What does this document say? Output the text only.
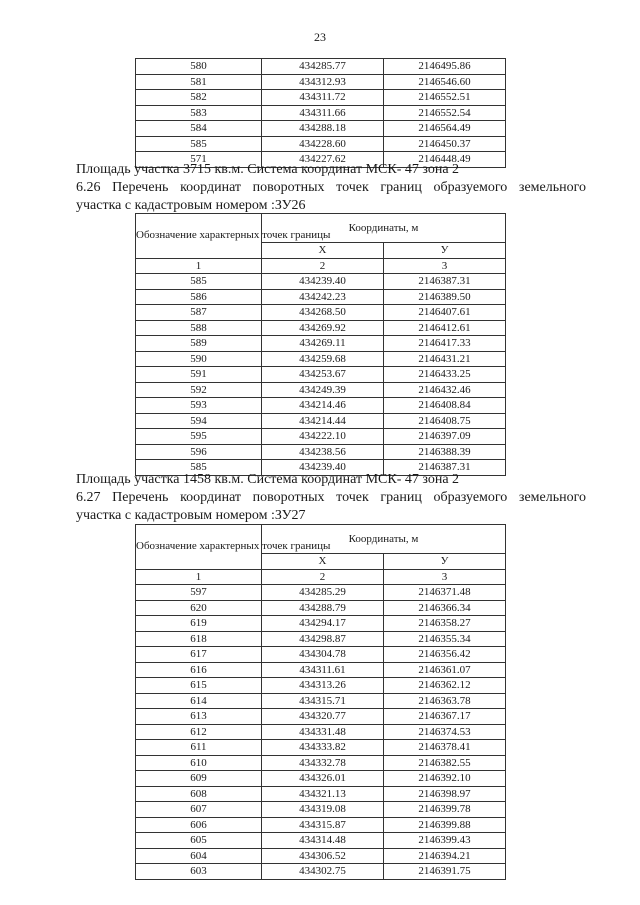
23
580	434285.77	2146495.86
581	434312.93	2146546.60
582	434311.72	2146552.51
583	434311.66	2146552.54
584	434288.18	2146564.49
585	434228.60	2146450.37
571	434227.62	2146448.49
Площадь участка 3715 кв.м. Система координат МСК- 47 зона 2
6.26 Перечень координат поворотных точек границ образуемого земельного
участка с кадастровым номером :ЗУ26
Обозначение характерных точек границы	Координаты, м	
	X	У
1	2	3
585	434239.40	2146387.31
586	434242.23	2146389.50
587	434268.50	2146407.61
588	434269.92	2146412.61
589	434269.11	2146417.33
590	434259.68	2146431.21
591	434253.67	2146433.25
592	434249.39	2146432.46
593	434214.46	2146408.84
594	434214.44	2146408.75
595	434222.10	2146397.09
596	434238.56	2146388.39
585	434239.40	2146387.31
Площадь участка 1458 кв.м. Система координат МСК- 47 зона 2
6.27 Перечень координат поворотных точек границ образуемого земельного
участка с кадастровым номером :ЗУ27
Обозначение характерных точек границы	Координаты, м	
	X	У
1	2	3
597	434285.29	2146371.48
620	434288.79	2146366.34
619	434294.17	2146358.27
618	434298.87	2146355.34
617	434304.78	2146356.42
616	434311.61	2146361.07
615	434313.26	2146362.12
614	434315.71	2146363.78
613	434320.77	2146367.17
612	434331.48	2146374.53
611	434333.82	2146378.41
610	434332.78	2146382.55
609	434326.01	2146392.10
608	434321.13	2146398.97
607	434319.08	2146399.78
606	434315.87	2146399.88
605	434314.48	2146399.43
604	434306.52	2146394.21
603	434302.75	2146391.75
